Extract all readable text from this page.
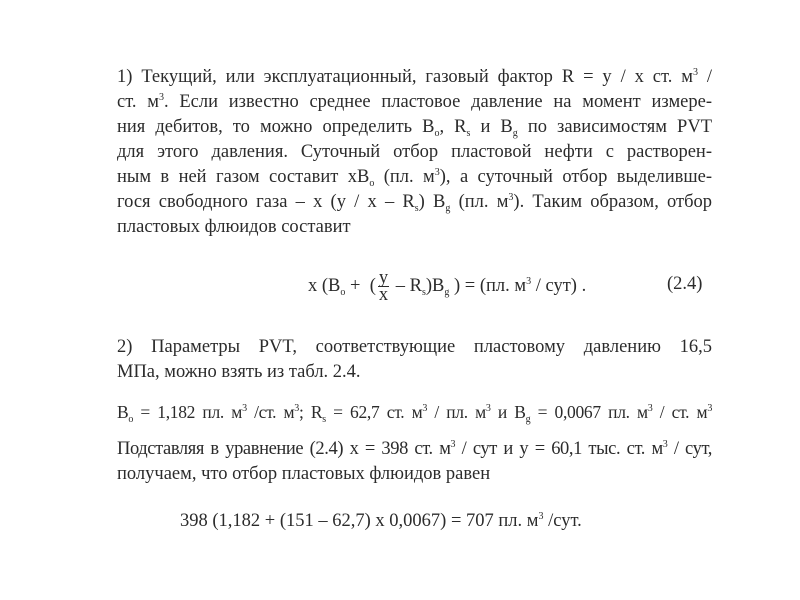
1) Текущий, или эксплуатационный, газовый фактор R = y / x ст. $м^3$ /
ст. $м^3$. Если известно среднее пластовое давление на момент измере-
ния дебитов, то можно определить $B_o$, $R_s$ и $B_g$ по зависимостям PVT
для этого давления. Суточный отбор пластовой нефти с растворен-
ным в ней газом составит $xB_o$ (пл. $м^3$), а суточный отбор выделивше-
гося свободного газа – x (y / x – $R_s$) $B_g$ (пл. $м^3$). Таким образом, отбор
пластовых флюидов составит
x ($B_o$ +  ( $\frac{y}{x} - R_s)B_g$ ) = (пл. $м^3 / сут$) .	(2.4)
2) Параметры PVT, соответствующие пластовому давлению 16,5
МПа, можно взять из табл. 2.4.
$B_o = 1,182$ пл. $м^3$ /ст. $м^3$; $R_s = 62,7$ ст. $м^3$ / пл. $м^3$ и $B_g = 0,0067$ пл. $м^3$ / ст. $м^3$
Подставляя в уравнение (2.4) x = 398 ст. $м^3$ / сут и y = 60,1 тыс. ст. $м^3$ / сут,
получаем, что отбор пластовых флюидов равен
398 (1,182 + (151 – 62,7) x 0,0067) = 707 пл. $м^3$ /сут.
